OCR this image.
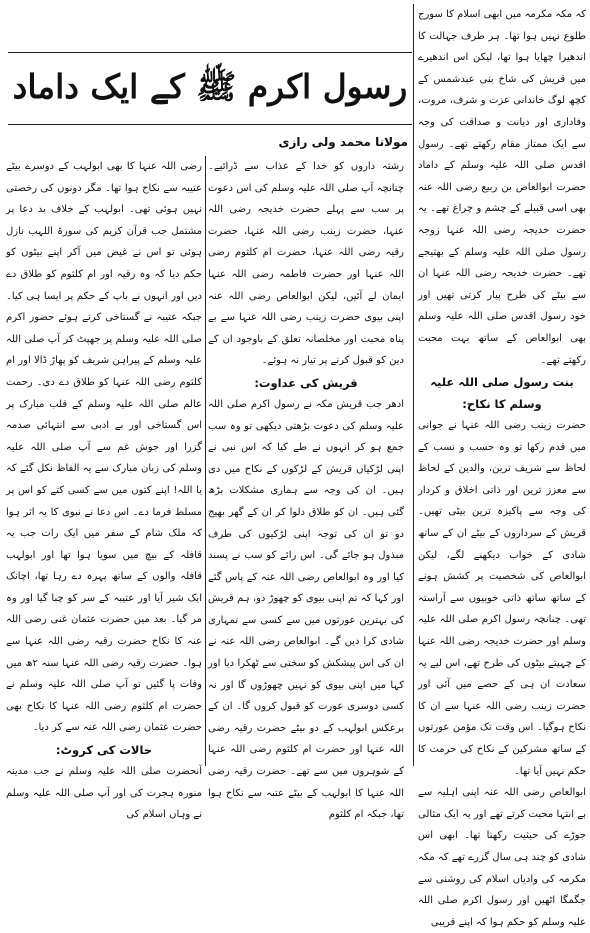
رسول اکرم ﷺ کے ایک داماد
مولانا محمد ولی رازی

کہ مکہ مکرمہ میں ابھی اسلام کا سورج طلوع نہیں ہوا تھا۔ ہر طرف جہالت کا اندھیرا چھایا ہوا تھا، لیکن اس اندھیرے میں قریش کی شاخ بنی عبدشمس کے کچھ لوگ خاندانی عزت و شرف، مروت، وفاداری اور دیانت و صداقت کی وجہ سے ایک ممتاز مقام رکھتے تھے۔ رسول اقدس صلی اللہ علیہ وسلم کے داماد حضرت ابوالعاص بن ربیع رضی اللہ عنہ بھی اسی قبیلے کے چشم و چراغ تھے۔ یہ حضرت خدیجہ رضی اللہ عنہا زوجہ رسول صلی اللہ علیہ وسلم کے بھتیجے تھے۔ حضرت خدیجہ رضی اللہ عنہا ان سے بیٹے کی طرح پیار کرتی تھیں اور خود رسول اقدس صلی اللہ علیہ وسلم بھی ابوالعاص کے ساتھ بہت محبت رکھتے تھے۔

بنت رسول صلی اللہ علیہ وسلم کا نکاح:

حضرت زینب رضی اللہ عنہا نے جوانی میں قدم رکھا تو وہ حسب و نسب کے لحاظ سے شریف ترین، والدین کے لحاظ سے معزز ترین اور ذاتی اخلاق و کردار کی وجہ سے پاکیزہ ترین بیٹی تھیں۔ قریش کے سرداروں کے بیٹے ان کے ساتھ شادی کے خواب دیکھنے لگے، لیکن ابوالعاص کی شخصیت پر کشش ہونے کے ساتھ ساتھ ذاتی خوبیوں سے آراستہ تھی۔ چنانچہ رسول اکرم صلی اللہ علیہ وسلم اور حضرت خدیجہ رضی اللہ عنہا کے چہیتے بیٹوں کی طرح تھے، اس لیے یہ سعادت ان ہی کے حصے میں آئی اور حضرت زینب رضی اللہ عنہا سے ان کا نکاح ہوگیا۔ اس وقت تک مؤمن عورتوں کے ساتھ مشرکین کے نکاح کی حرمت کا حکم نہیں آیا تھا۔

ابوالعاص رضی اللہ عنہ اپنی اہلیہ سے بے انتہا محبت کرتے تھے اور یہ ایک مثالی جوڑے کی حیثیت رکھتا تھا۔ ابھی اس شادی کو چند ہی سال گزرے تھے کہ مکہ مکرمہ کی وادیاں اسلام کی روشنی سے جگمگا اٹھیں اور رسول اکرم صلی اللہ علیہ وسلم کو حکم ہوا کہ اپنے قریبی

رشتہ داروں کو خدا کے عذاب سے ڈرائیے۔ چنانچہ آپ صلی اللہ علیہ وسلم کی اس دعوت پر سب سے پہلے حضرت خدیجہ رضی اللہ عنہا، حضرت زینب رضی اللہ عنہا، حضرت رقیہ رضی اللہ عنہا، حضرت ام کلثوم رضی اللہ عنہا اور حضرت فاطمہ رضی اللہ عنہا ایمان لے آئیں، لیکن ابوالعاص رضی اللہ عنہ اپنی بیوی حضرت زینب رضی اللہ عنہا سے بے پناہ محبت اور مخلصانہ تعلق کے باوجود ان کے دین کو قبول کرنے پر تیار نہ ہوئے۔

قریش کی عداوت:

ادھر جب قریش مکہ نے رسول اکرم صلی اللہ علیہ وسلم کی دعوت بڑھتی دیکھی تو وہ سب جمع ہو کر انہوں نے طے کیا کہ اس نبی نے اپنی لڑکیاں قریش کے لڑکوں کے نکاح میں دی ہیں۔ ان کی وجہ سے ہماری مشکلات بڑھ گئی ہیں۔ ان کو طلاق دلوا کر ان کے گھر بھیج دو تو ان کی توجہ اپنی لڑکیوں کی طرف مبذول ہو جائے گی۔ اس رائے کو سب نے پسند کیا اور وہ ابوالعاص رضی اللہ عنہ کے پاس گئے اور کہا کہ تم اپنی بیوی کو چھوڑ دو، ہم قریش کی بہترین عورتوں میں سے کسی سے تمہاری شادی کرا دیں گے۔ ابوالعاص رضی اللہ عنہ نے ان کی اس پیشکش کو سختی سے ٹھکرا دیا اور کہا میں اپنی بیوی کو نہیں چھوڑوں گا اور نہ کسی دوسری عورت کو قبول کروں گا۔ ان کے برعکس ابولہب کے دو بیٹے حضرت رقیہ رضی اللہ عنہا اور حضرت ام کلثوم رضی اللہ عنہا کے شوہروں میں سے تھے۔ حضرت رقیہ رضی اللہ عنہا کا ابولہب کے بیٹے عتبہ سے نکاح ہوا تھا، جبکہ ام کلثوم

رضی اللہ عنہا کا بھی ابولہب کے دوسرے بیٹے عتیبہ سے نکاح ہوا تھا۔ مگر دونوں کی رخصتی نہیں ہوئی تھی۔ ابولہب کے خلاف بد دعا پر مشتمل جب قرآن کریم کی سورۃ اللہب نازل ہوئی تو اس نے غیض میں آکر اپنے بیٹوں کو حکم دیا کہ وہ رقیہ اور ام کلثوم کو طلاق دے دیں اور انہوں نے باپ کے حکم پر ایسا ہی کیا۔ جبکہ عتیبہ نے گستاخی کرتے ہوئے حضور اکرم صلی اللہ علیہ وسلم پر جھپٹ کر آپ صلی اللہ علیہ وسلم کے پیراہن شریف کو پھاڑ ڈالا اور ام کلثوم رضی اللہ عنہا کو طلاق دے دی۔ رحمت عالم صلی اللہ علیہ وسلم کے قلب مبارک پر اس گستاخی اور بے ادبی سے انتہائی صدمہ گزرا اور جوش غم سے آپ صلی اللہ علیہ وسلم کی زبان مبارک سے یہ الفاظ نکل گئے کہ یا اللہ! اپنے کتوں میں سے کسی کتے کو اس پر مسلط فرما دے۔ اس دعا نے نبوی کا یہ اثر ہوا کہ ملک شام کے سفر میں ایک رات جب یہ قافلہ کے بیچ میں سویا ہوا تھا اور ابولہب قافلہ والوں کے ساتھ پہرہ دے رہا تھا، اچانک ایک شیر آیا اور عتیبہ کے سر کو چبا گیا اور وہ مر گیا۔ بعد میں حضرت عثمان غنی رضی اللہ عنہ کا نکاح حضرت رقیہ رضی اللہ عنہا سے ہوا۔ حضرت رقیہ رضی اللہ عنہا سنہ ۲ھ میں وفات پا گئیں تو آپ صلی اللہ علیہ وسلم نے حضرت ام کلثوم رضی اللہ عنہا کا نکاح بھی حضرت عثمان رضی اللہ عنہ سے کر دیا۔

حالات کی کروٹ:

آنحضرت صلی اللہ علیہ وسلم نے جب مدینہ منورہ ہجرت کی اور آپ صلی اللہ علیہ وسلم نے وہاں اسلام کی
